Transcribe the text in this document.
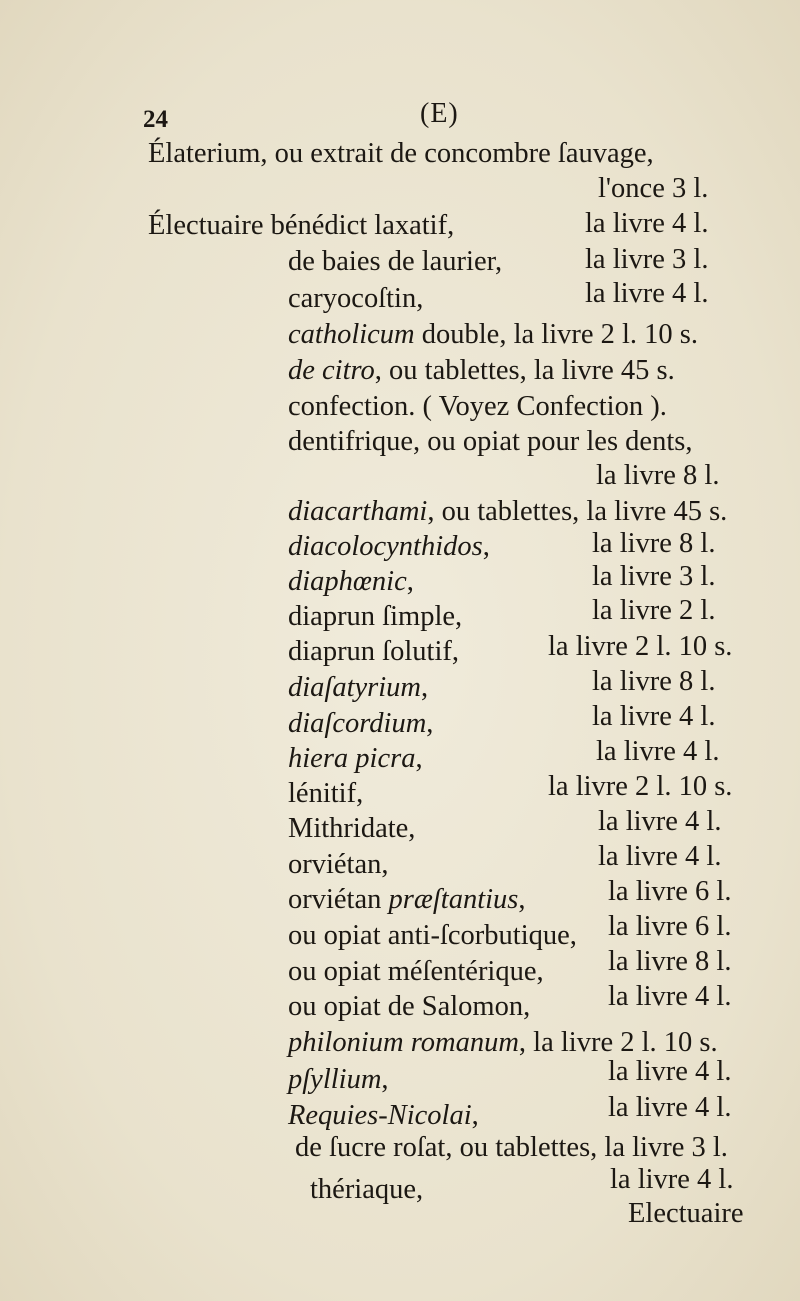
24	(E)
Élaterium, ou extrait de concombre ſauvage,
l'once 3 l.
Électuaire bénédict laxatif,	la livre 4 l.
de baies de laurier,	la livre 3 l.
caryocoſtin,	la livre 4 l.
catholicum double, la livre 2 l. 10 s.
de citro, ou tablettes, la livre 45 s.
confection. ( Voyez Confection ).
dentifrique, ou opiat pour les dents,
la livre 8 l.
diacarthami, ou tablettes, la livre 45 s.
diacolocynthidos,	la livre 8 l.
diaphœnic,	la livre 3 l.
diaprun ſimple,	la livre 2 l.
diaprun ſolutif,	la livre 2 l. 10 s.
diaſatyrium,	la livre 8 l.
diaſcordium,	la livre 4 l.
hiera picra,	la livre 4 l.
lénitif,	la livre 2 l. 10 s.
Mithridate,	la livre 4 l.
orviétan,	la livre 4 l.
orviétan præſtantius,	la livre 6 l.
ou opiat anti-ſcorbutique, la livre 6 l.
ou opiat méſentérique, la livre 8 l.
ou opiat de Salomon,	la livre 4 l.
philonium romanum, la livre 2 l. 10 s.
pſyllium,	la livre 4 l.
Requies-Nicolai,	la livre 4 l.
de ſucre roſat, ou tablettes, la livre 3 l.
thériaque,	la livre 4 l.
Electuaire
